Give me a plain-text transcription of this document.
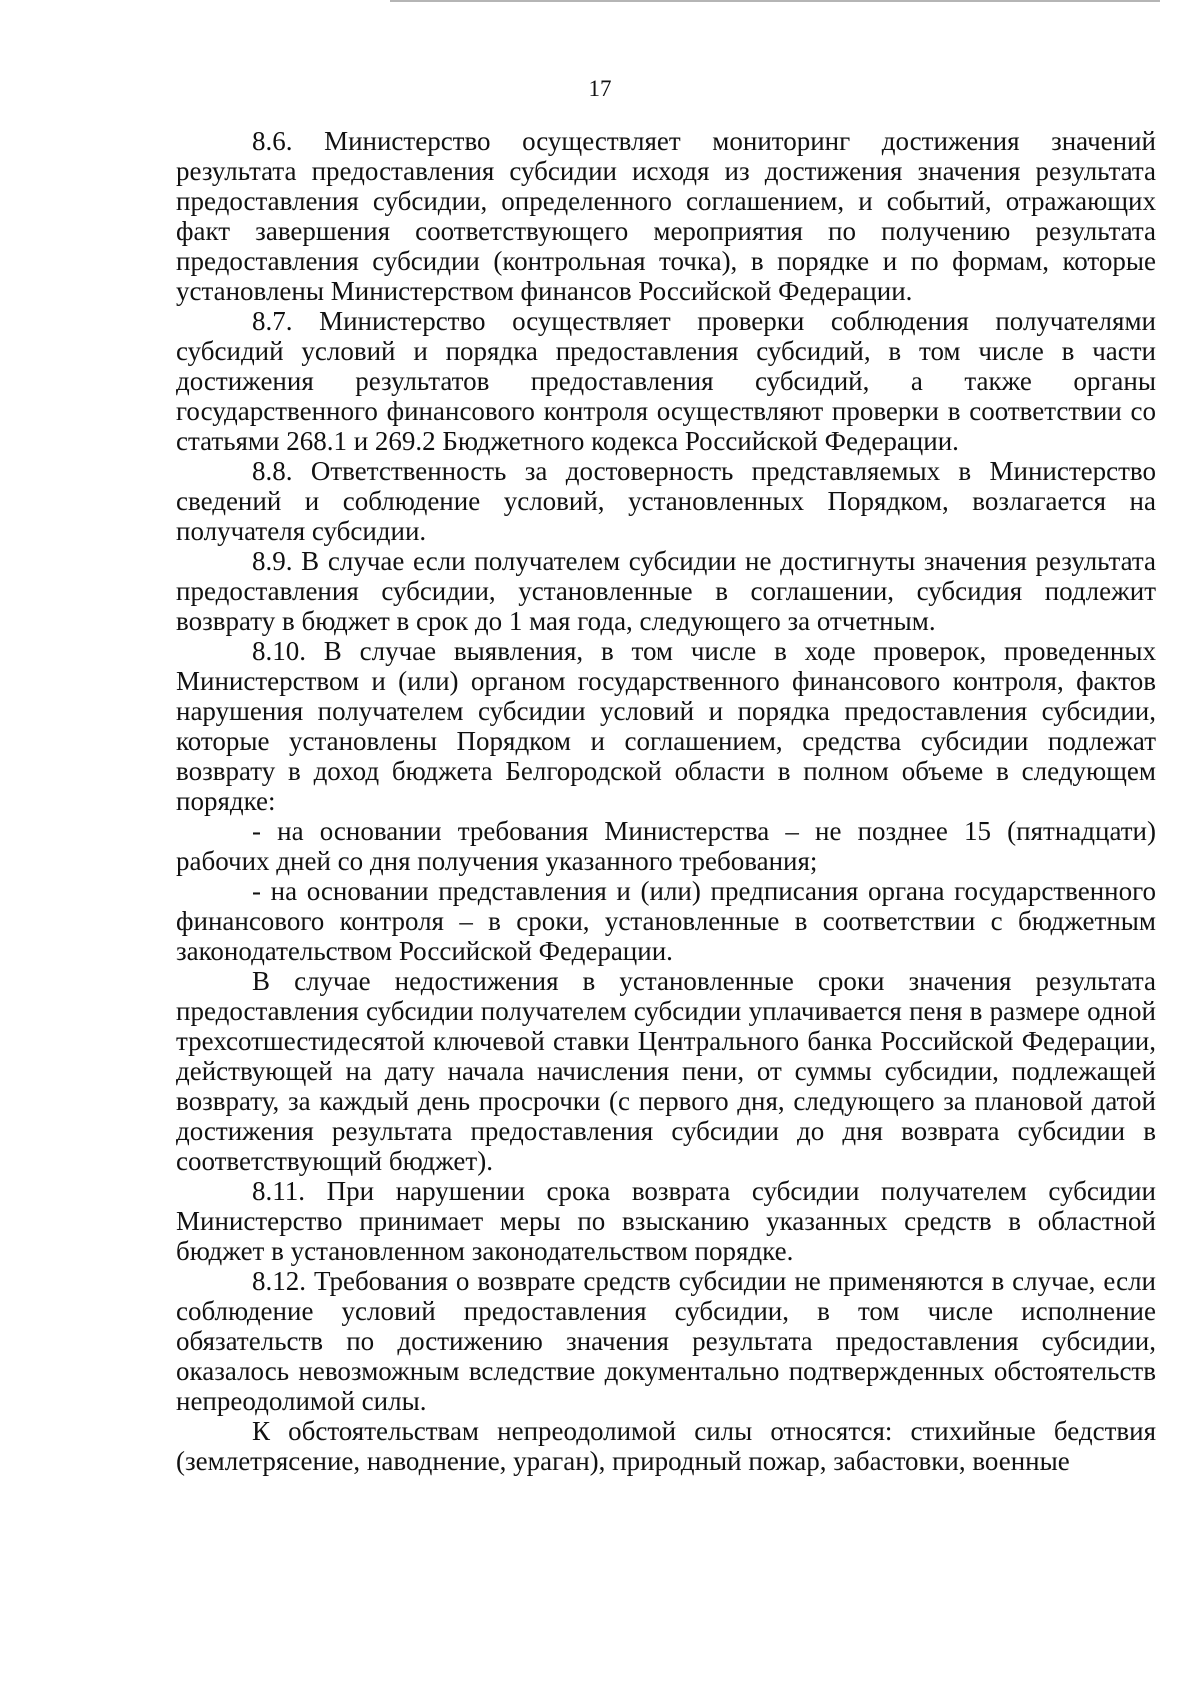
17

8.6. Министерство осуществляет мониторинг достижения значений результата предоставления субсидии исходя из достижения значения результата предоставления субсидии, определенного соглашением, и событий, отражающих факт завершения соответствующего мероприятия по получению результата предоставления субсидии (контрольная точка), в порядке и по формам, которые установлены Министерством финансов Российской Федерации.

8.7. Министерство осуществляет проверки соблюдения получателями субсидий условий и порядка предоставления субсидий, в том числе в части достижения результатов предоставления субсидий, а также органы государственного финансового контроля осуществляют проверки в соответствии со статьями 268.1 и 269.2 Бюджетного кодекса Российской Федерации.

8.8. Ответственность за достоверность представляемых в Министерство сведений и соблюдение условий, установленных Порядком, возлагается на получателя субсидии.

8.9. В случае если получателем субсидии не достигнуты значения результата предоставления субсидии, установленные в соглашении, субсидия подлежит возврату в бюджет в срок до 1 мая года, следующего за отчетным.

8.10. В случае выявления, в том числе в ходе проверок, проведенных Министерством и (или) органом государственного финансового контроля, фактов нарушения получателем субсидии условий и порядка предоставления субсидии, которые установлены Порядком и соглашением, средства субсидии подлежат возврату в доход бюджета Белгородской области в полном объеме в следующем порядке:

- на основании требования Министерства – не позднее 15 (пятнадцати) рабочих дней со дня получения указанного требования;

- на основании представления и (или) предписания органа государственного финансового контроля – в сроки, установленные в соответствии с бюджетным законодательством Российской Федерации.

В случае недостижения в установленные сроки значения результата предоставления субсидии получателем субсидии уплачивается пеня в размере одной трехсотшестидесятой ключевой ставки Центрального банка Российской Федерации, действующей на дату начала начисления пени, от суммы субсидии, подлежащей возврату, за каждый день просрочки (с первого дня, следующего за плановой датой достижения результата предоставления субсидии до дня возврата субсидии в соответствующий бюджет).

8.11. При нарушении срока возврата субсидии получателем субсидии Министерство принимает меры по взысканию указанных средств в областной бюджет в установленном законодательством порядке.

8.12. Требования о возврате средств субсидии не применяются в случае, если соблюдение условий предоставления субсидии, в том числе исполнение обязательств по достижению значения результата предоставления субсидии, оказалось невозможным вследствие документально подтвержденных обстоятельств непреодолимой силы.

К обстоятельствам непреодолимой силы относятся: стихийные бедствия (землетрясение, наводнение, ураган), природный пожар, забастовки, военные
